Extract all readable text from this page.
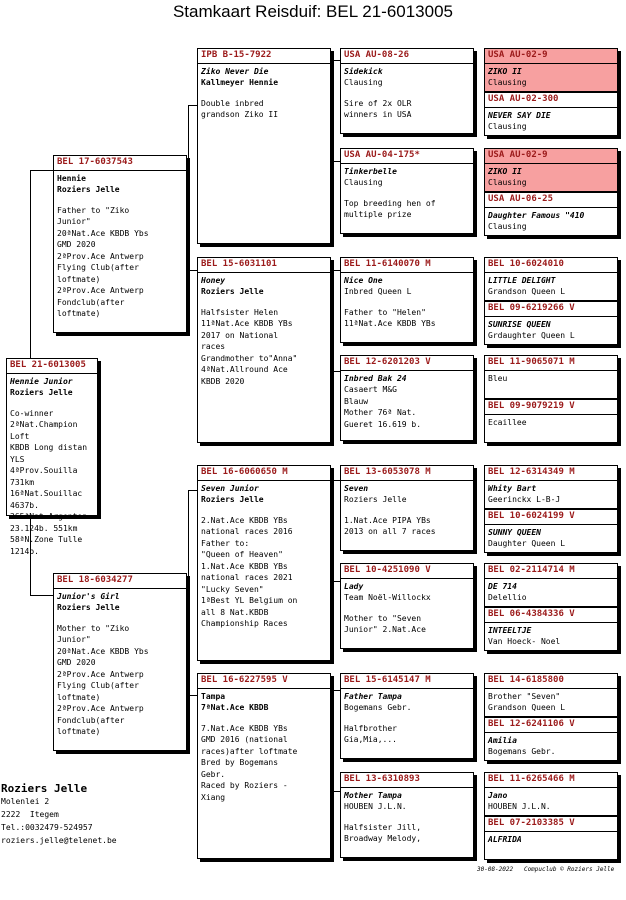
Stamkaart Reisduif: BEL 21-6013005
BEL 21-6013005
Hennie Junior
Roziers Jelle
Co-winner
2ªNat.Champion Loft
KBDB Long distan YLS
4ªProv.Souilla 731km
16ªNat.Souillac
4637b.
265ªNat.Argenton
23.124b. 551km
58ªN.Zone Tulle
1214b.
BEL 17-6037543
Hennie
Roziers Jelle
Father to "Ziko
Junior"
20ªNat.Ace KBDB Ybs
GMD 2020
2ªProv.Ace Antwerp
Flying Club(after
loftmate)
2ªProv.Ace Antwerp
Fondclub(after
loftmate)
BEL 18-6034277
Junior's Girl
Roziers Jelle
Mother to "Ziko
Junior"
20ªNat.Ace KBDB Ybs
GMD 2020
2ªProv.Ace Antwerp
Flying Club(after
loftmate)
2ªProv.Ace Antwerp
Fondclub(after
loftmate)
IPB B-15-7922
Ziko Never Die
Kallmeyer Hennie
Double inbred
grandson Ziko II
BEL 15-6031101
Honey
Roziers Jelle
Halfsister Helen
11ªNat.Ace KBDB YBs
2017 on National
races
Grandmother to"Anna"
4ªNat.Allround Ace
KBDB 2020
BEL 16-6060650 M
Seven Junior
Roziers Jelle
2.Nat.Ace KBDB YBs
national races 2016
Father to:
"Queen of Heaven"
1.Nat.Ace KBDB YBs
national races 2021
"Lucky Seven"
1ªBest YL Belgium on
all 8 Nat.KBDB
Championship Races
BEL 16-6227595 V
Tampa
7ªNat.Ace KBDB
7.Nat.Ace KBDB YBs
GMD 2016 (national
races)after loftmate
Bred by Bogemans
Gebr.
Raced by Roziers -
Xiang
USA AU-08-26
Sidekick
Clausing
Sire of 2x OLR
winners in USA
USA AU-04-175*
Tinkerbelle
Clausing
Top breeding hen of
multiple prize
BEL 11-6140070 M
Nice One
Inbred Queen L
Father to "Helen"
11ªNat.Ace KBDB YBs
BEL 12-6201203 V
Inbred Bak 24
Casaert M&G
Blauw
Mother 76ª Nat.
Gueret 16.619 b.
BEL 13-6053078 M
Seven
Roziers Jelle
1.Nat.Ace PIPA YBs
2013 on all 7 races
BEL 10-4251090 V
Lady
Team Noël-Willockx
Mother to "Seven
Junior" 2.Nat.Ace
BEL 15-6145147 M
Father Tampa
Bogemans Gebr.
Halfbrother
Gia,Mia,...
BEL 13-6310893
Mother Tampa
HOUBEN J.L.N.
Halfsister Jill,
Broadway Melody,
USA AU-02-9
ZIKO II
Clausing
USA AU-02-300
NEVER SAY DIE
Clausing
USA AU-02-9
ZIKO II
Clausing
USA AU-06-25
Daughter Famous "410
Clausing
BEL 10-6024010
LITTLE DELIGHT
Grandson Queen L
BEL 09-6219266 V
SUNRISE QUEEN
Grdaughter Queen L
BEL 11-9065071 M
Bleu
BEL 09-9079219 V
Ecaillee
BEL 12-6314349 M
Whity Bart
Geerinckx L-B-J
BEL 10-6024199 V
SUNNY QUEEN
Daughter Queen L
BEL 02-2114714 M
DE 714
Delellio
BEL 06-4384336 V
INTEELTJE
Van Hoeck- Noel
BEL 14-6185800
Brother "Seven"
Grandson Queen L
BEL 12-6241106 V
Amilia
Bogemans Gebr.
BEL 11-6265466 M
Jano
HOUBEN J.L.N.
BEL 07-2103385 V
ALFRIDA
Roziers Jelle
Molenlei 2
2222  Itegem
Tel.:0032479-524957
roziers.jelle@telenet.be
30-08-2022   Compuclub © Roziers Jelle
